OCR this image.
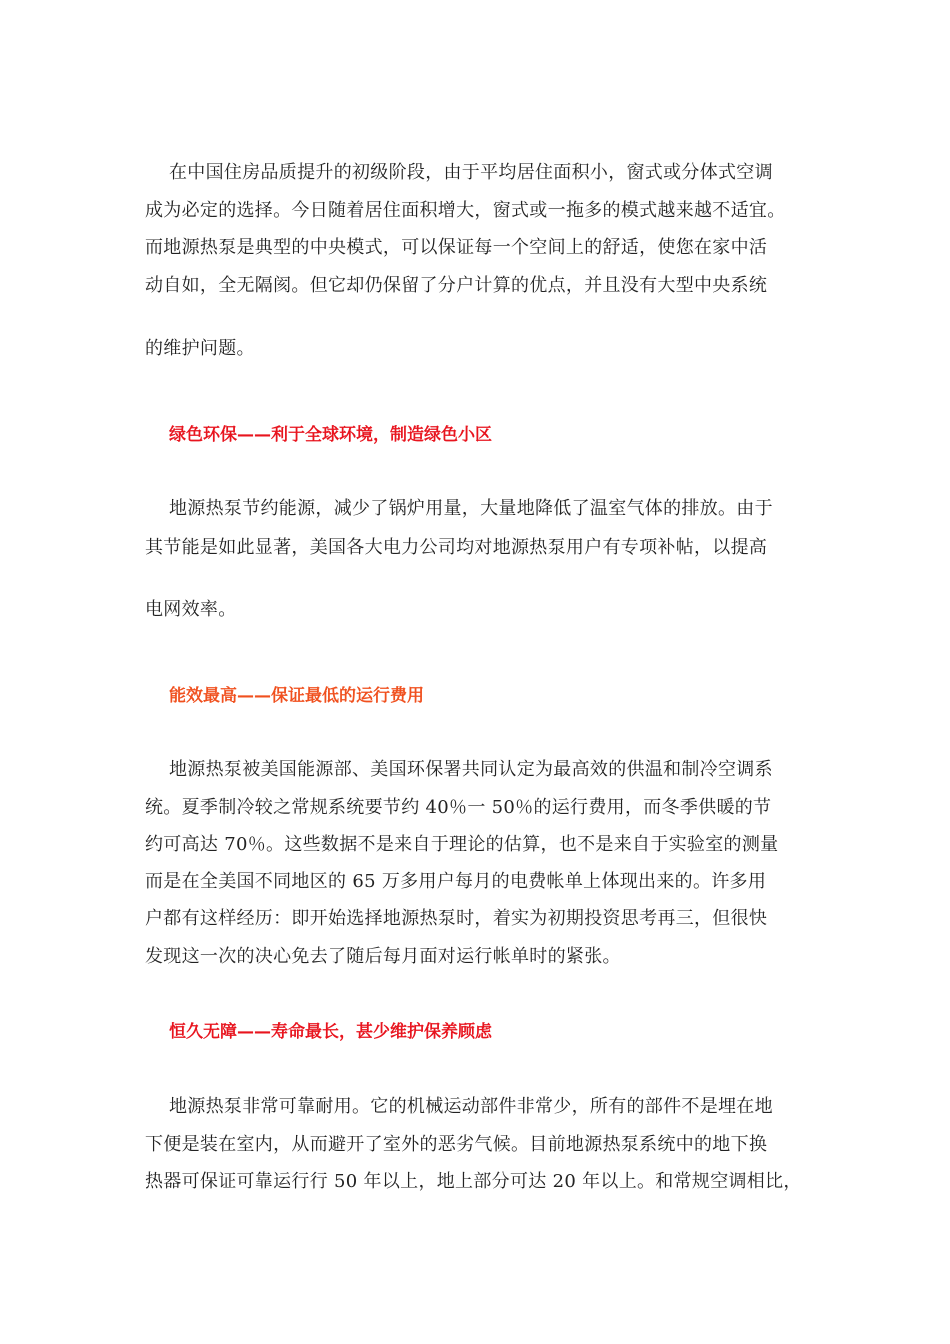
在中国住房品质提升的初级阶段，由于平均居住面积小，窗式或分体式空调
成为必定的选择。今日随着居住面积增大，窗式或一拖多的模式越来越不适宜。
而地源热泵是典型的中央模式，可以保证每一个空间上的舒适，使您在家中活
动自如，全无隔阂。但它却仍保留了分户计算的优点，并且没有大型中央系统
的维护问题。
绿色环保——利于全球环境，制造绿色小区
地源热泵节约能源，减少了锅炉用量，大量地降低了温室气体的排放。由于
其节能是如此显著，美国各大电力公司均对地源热泵用户有专项补帖，以提高
电网效率。
能效最高——保证最低的运行费用
地源热泵被美国能源部、美国环保署共同认定为最高效的供温和制冷空调系
统。夏季制冷较之常规系统要节约 40％一 50％的运行费用，而冬季供暖的节
约可高达 70％。这些数据不是来自于理论的估算，也不是来自于实验室的测量
而是在全美国不同地区的 65 万多用户每月的电费帐单上体现出来的。许多用
户都有这样经历：即开始选择地源热泵时，着实为初期投资思考再三，但很快
发现这一次的决心免去了随后每月面对运行帐单时的紧张。
恒久无障——寿命最长，甚少维护保养顾虑
地源热泵非常可靠耐用。它的机械运动部件非常少，所有的部件不是埋在地
下便是装在室内，从而避开了室外的恶劣气候。目前地源热泵系统中的地下换
热器可保证可靠运行行 50 年以上，地上部分可达 20 年以上。和常规空调相比，
